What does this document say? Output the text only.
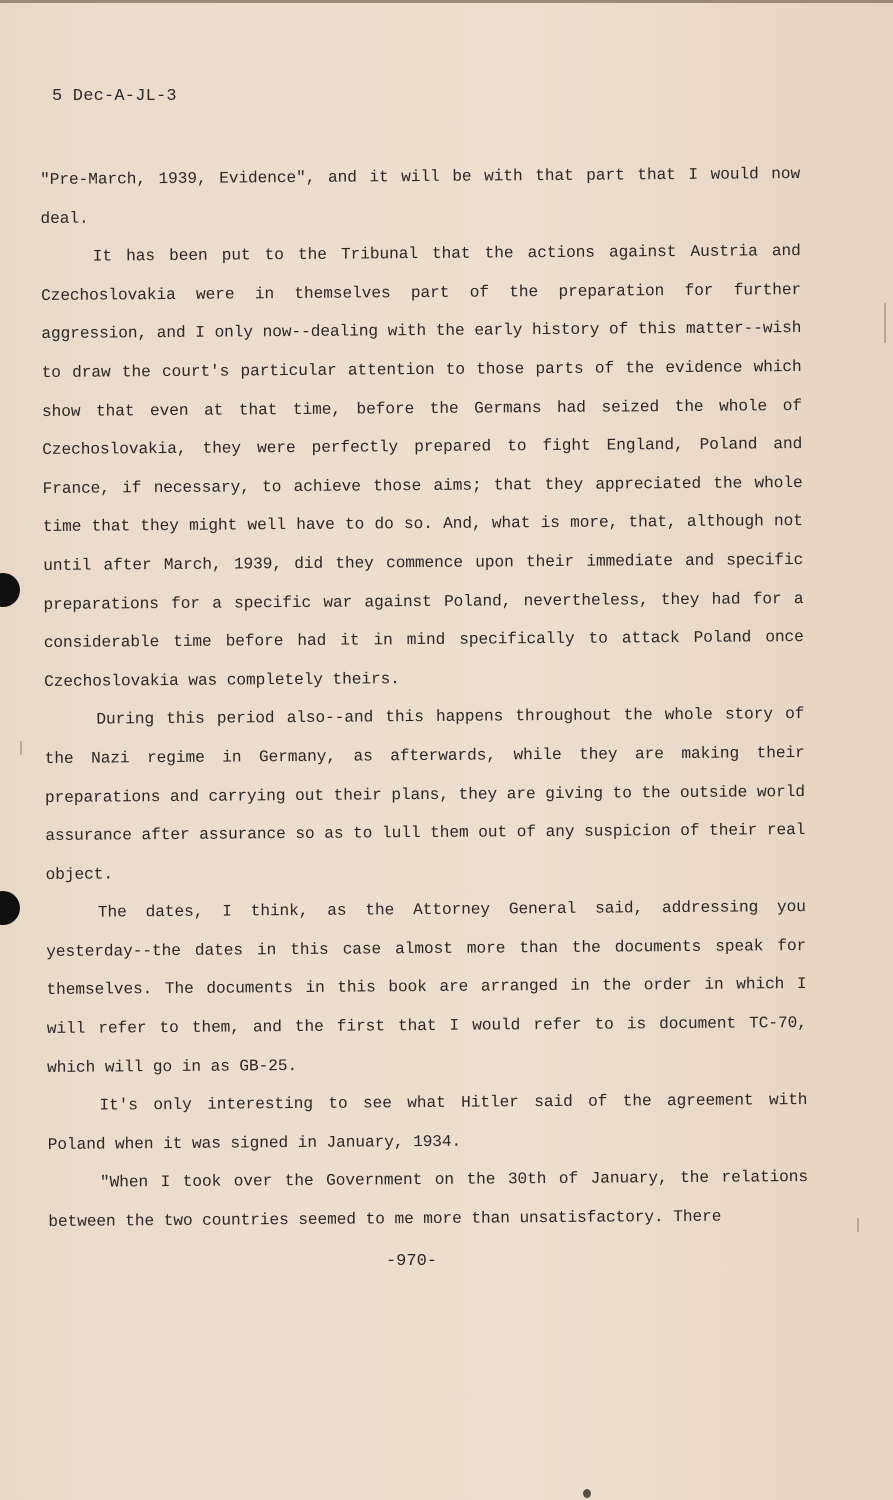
5 Dec-A-JL-3

"Pre-March, 1939, Evidence", and it will be with that part that I would now deal.

It has been put to the Tribunal that the actions against Austria and Czechoslovakia were in themselves part of the preparation for further aggression, and I only now--dealing with the early history of this matter--wish to draw the court's particular attention to those parts of the evidence which show that even at that time, before the Germans had seized the whole of Czechoslovakia, they were perfectly prepared to fight England, Poland and France, if necessary, to achieve those aims; that they appreciated the whole time that they might well have to do so. And, what is more, that, although not until after March, 1939, did they commence upon their immediate and specific preparations for a specific war against Poland, nevertheless, they had for a considerable time before had it in mind specifically to attack Poland once Czechoslovakia was completely theirs.

During this period also--and this happens throughout the whole story of the Nazi regime in Germany, as afterwards, while they are making their preparations and carrying out their plans, they are giving to the outside world assurance after assurance so as to lull them out of any suspicion of their real object.

The dates, I think, as the Attorney General said, addressing you yesterday--the dates in this case almost more than the documents speak for themselves. The documents in this book are arranged in the order in which I will refer to them, and the first that I would refer to is document TC-70, which will go in as GB-25.

It's only interesting to see what Hitler said of the agreement with Poland when it was signed in January, 1934.

"When I took over the Government on the 30th of January, the relations between the two countries seemed to me more than unsatisfactory. There

-970-
